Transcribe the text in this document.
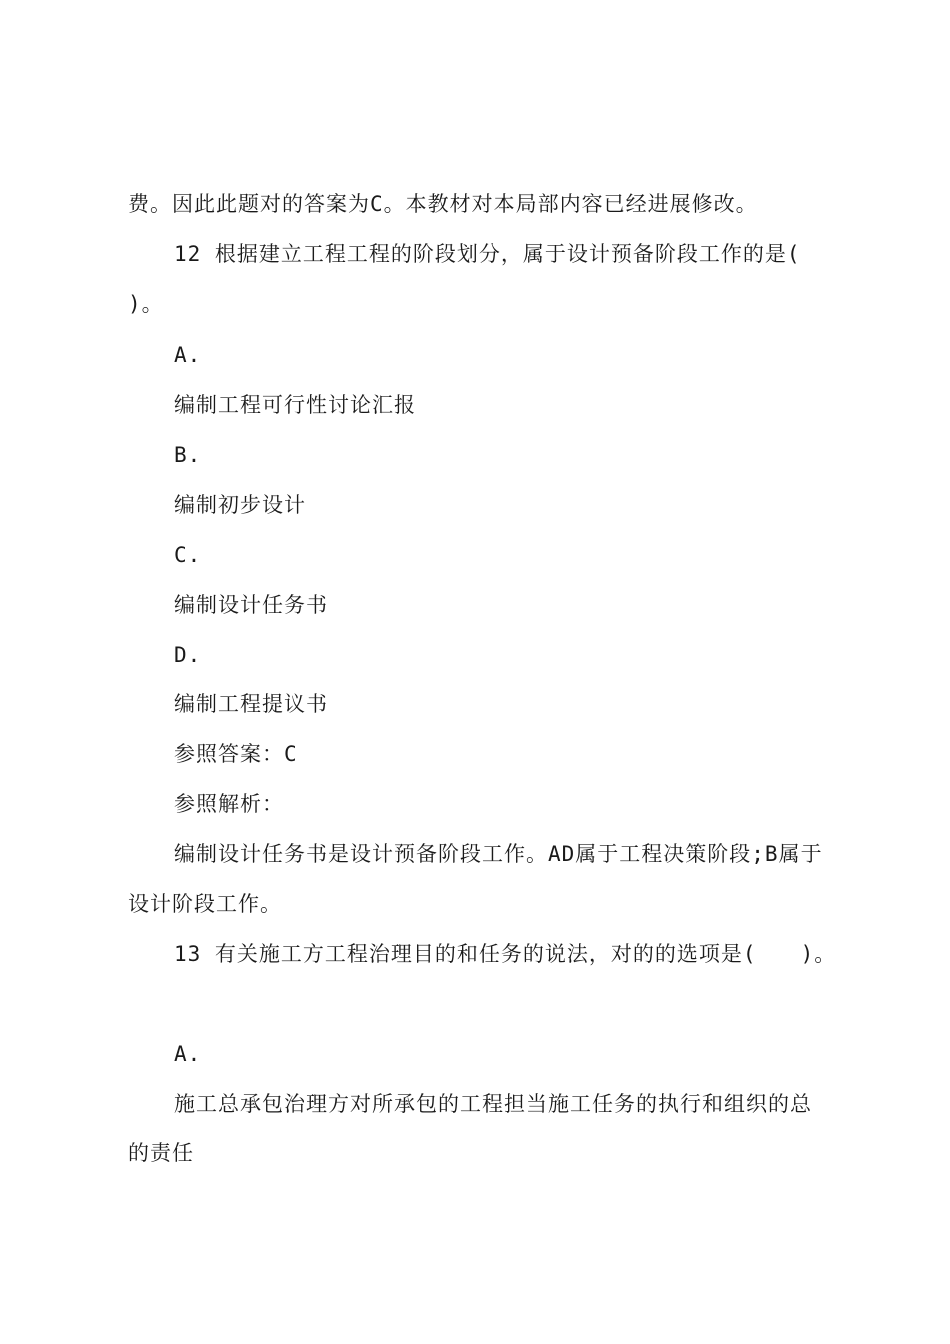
费。因此此题对的答案为C。本教材对本局部内容已经进展修改。
12 根据建立工程工程的阶段划分，属于设计预备阶段工作的是(
)。
A.
编制工程可行性讨论汇报
B.
编制初步设计
C.
编制设计任务书
D.
编制工程提议书
参照答案：C
参照解析：
编制设计任务书是设计预备阶段工作。AD属于工程决策阶段;B属于
设计阶段工作。
13 有关施工方工程治理目的和任务的说法，对的的选项是(　　)。
A.
施工总承包治理方对所承包的工程担当施工任务的执行和组织的总
的责任
